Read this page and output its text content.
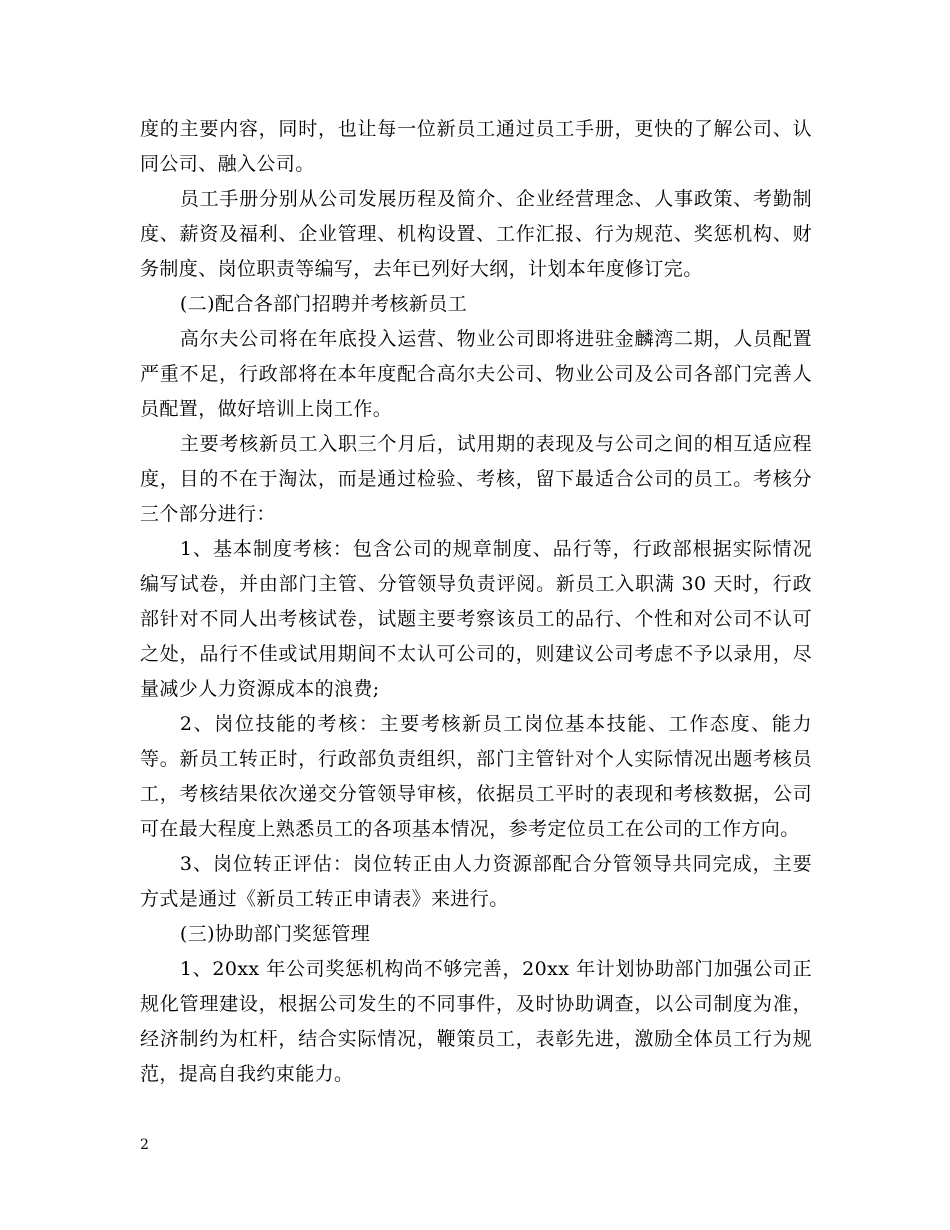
度的主要内容，同时，也让每一位新员工通过员工手册，更快的了解公司、认同公司、融入公司。

员工手册分别从公司发展历程及简介、企业经营理念、人事政策、考勤制度、薪资及福利、企业管理、机构设置、工作汇报、行为规范、奖惩机构、财务制度、岗位职责等编写，去年已列好大纲，计划本年度修订完。

(二)配合各部门招聘并考核新员工

高尔夫公司将在年底投入运营、物业公司即将进驻金麟湾二期，人员配置严重不足，行政部将在本年度配合高尔夫公司、物业公司及公司各部门完善人员配置，做好培训上岗工作。

主要考核新员工入职三个月后，试用期的表现及与公司之间的相互适应程度，目的不在于淘汰，而是通过检验、考核，留下最适合公司的员工。考核分三个部分进行：

1、基本制度考核：包含公司的规章制度、品行等，行政部根据实际情况编写试卷，并由部门主管、分管领导负责评阅。新员工入职满 30 天时，行政部针对不同人出考核试卷，试题主要考察该员工的品行、个性和对公司不认可之处，品行不佳或试用期间不太认可公司的，则建议公司考虑不予以录用，尽量减少人力资源成本的浪费;

2、岗位技能的考核：主要考核新员工岗位基本技能、工作态度、能力等。新员工转正时，行政部负责组织，部门主管针对个人实际情况出题考核员工，考核结果依次递交分管领导审核，依据员工平时的表现和考核数据，公司可在最大程度上熟悉员工的各项基本情况，参考定位员工在公司的工作方向。

3、岗位转正评估：岗位转正由人力资源部配合分管领导共同完成，主要方式是通过《新员工转正申请表》来进行。

(三)协助部门奖惩管理

1、20xx 年公司奖惩机构尚不够完善，20xx 年计划协助部门加强公司正规化管理建设，根据公司发生的不同事件，及时协助调查，以公司制度为准，经济制约为杠杆，结合实际情况，鞭策员工，表彰先进，激励全体员工行为规范，提高自我约束能力。

2
